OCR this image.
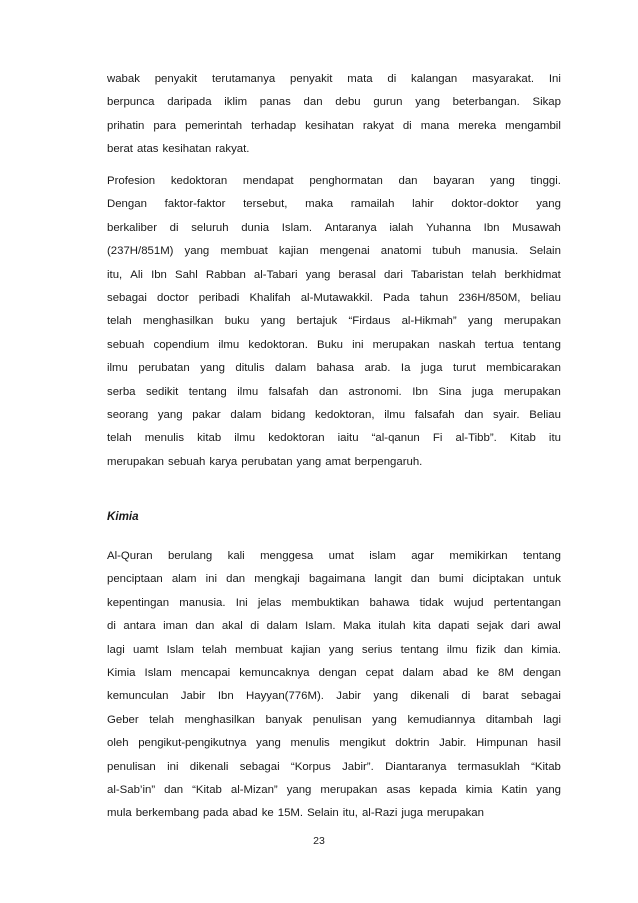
wabak penyakit terutamanya penyakit mata di kalangan masyarakat. Ini
berpunca daripada iklim panas dan debu gurun yang beterbangan. Sikap
prihatin para pemerintah terhadap kesihatan rakyat di mana mereka mengambil
berat atas kesihatan rakyat.
Profesion kedoktoran mendapat penghormatan dan bayaran yang tinggi.
Dengan faktor-faktor tersebut, maka ramailah lahir doktor-doktor yang
berkaliber di seluruh dunia Islam. Antaranya ialah Yuhanna Ibn Musawah
(237H/851M) yang membuat kajian mengenai anatomi tubuh manusia. Selain
itu, Ali Ibn Sahl Rabban al-Tabari yang berasal dari Tabaristan telah berkhidmat
sebagai doctor peribadi Khalifah al-Mutawakkil. Pada tahun 236H/850M, beliau
telah menghasilkan buku yang bertajuk “Firdaus al-Hikmah” yang merupakan
sebuah copendium ilmu kedoktoran. Buku ini merupakan naskah tertua tentang
ilmu perubatan yang ditulis dalam bahasa arab. Ia juga turut membicarakan
serba sedikit tentang ilmu falsafah dan astronomi. Ibn Sina juga merupakan
seorang yang pakar dalam bidang kedoktoran, ilmu falsafah dan syair. Beliau
telah menulis kitab ilmu kedoktoran iaitu “al-qanun Fi al-Tibb”. Kitab itu
merupakan sebuah karya perubatan yang amat berpengaruh.
Kimia
Al-Quran berulang kali menggesa umat islam agar memikirkan tentang
penciptaan alam ini dan mengkaji bagaimana langit dan bumi diciptakan untuk
kepentingan manusia. Ini jelas membuktikan bahawa tidak wujud pertentangan
di antara iman dan akal di dalam Islam. Maka itulah kita dapati sejak dari awal
lagi uamt Islam telah membuat kajian yang serius tentang ilmu fizik dan kimia.
Kimia Islam mencapai kemuncaknya dengan cepat dalam abad ke 8M dengan
kemunculan Jabir Ibn Hayyan(776M). Jabir yang dikenali di barat sebagai
Geber telah menghasilkan banyak penulisan yang kemudiannya ditambah lagi
oleh pengikut-pengikutnya yang menulis mengikut doktrin Jabir. Himpunan hasil
penulisan ini dikenali sebagai “Korpus Jabir”. Diantaranya termasuklah “Kitab
al-Sab’in” dan “Kitab al-Mizan” yang merupakan asas kepada kimia Katin yang
mula berkembang pada abad ke 15M. Selain itu, al-Razi juga merupakan
23
